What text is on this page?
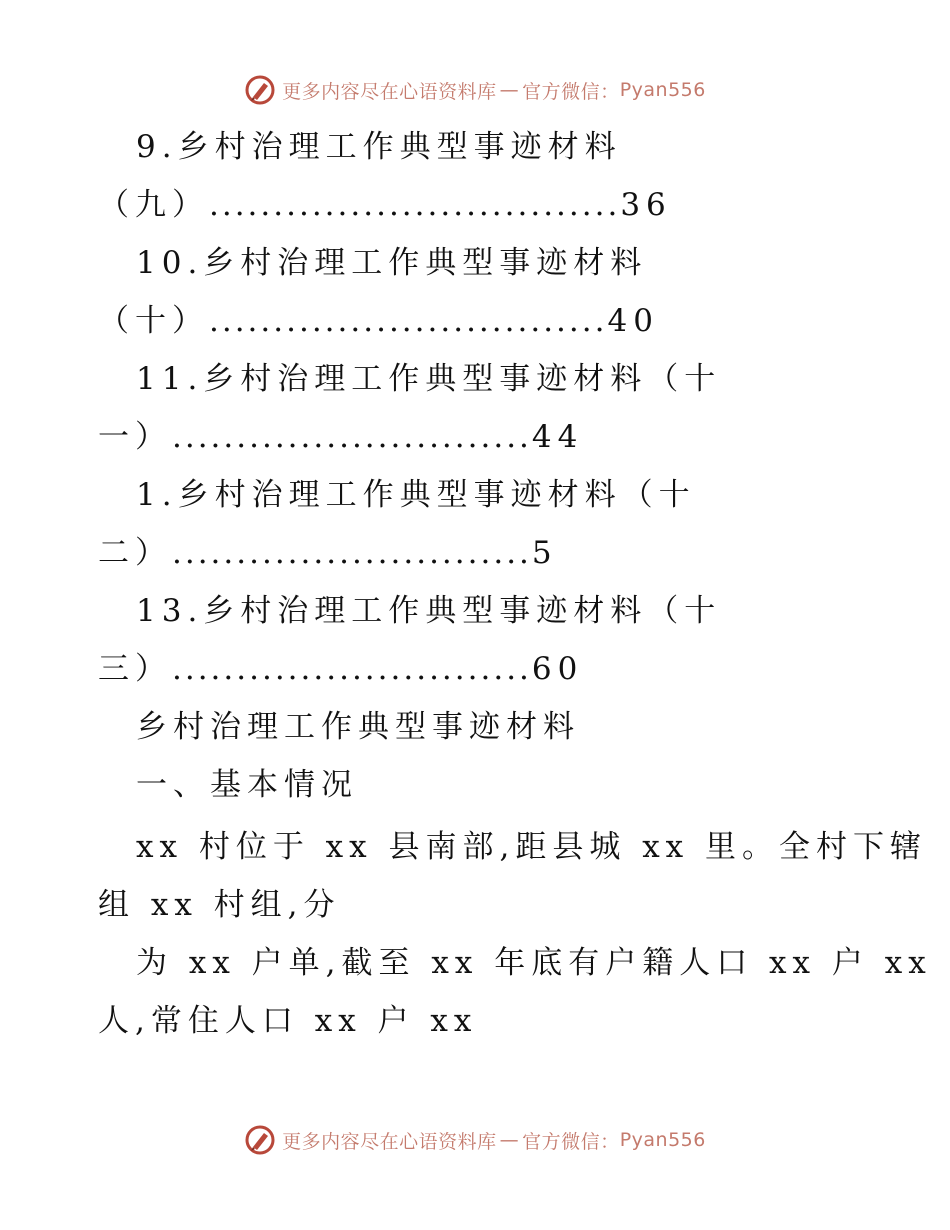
更多内容尽在心语资料库 — 官方微信： Pyan556
9.乡村治理工作典型事迹材料
（九） ................................ 36
10.乡村治理工作典型事迹材料
（十） ............................... 40
11.乡村治理工作典型事迹材料（十
一） ............................ 44
1.乡村治理工作典型事迹材料（十
二） ............................ 5
13.乡村治理工作典型事迹材料（十
三） ............................ 60
乡村治理工作典型事迹材料
一、基本情况
xx 村位于 xx 县南部,距县城 xx 里。全村下辖
组 xx 村组,分
为 xx 户单,截至 xx 年底有户籍人口 xx 户 xx
人,常住人口 xx 户 xx
更多内容尽在心语资料库 — 官方微信： Pyan556
